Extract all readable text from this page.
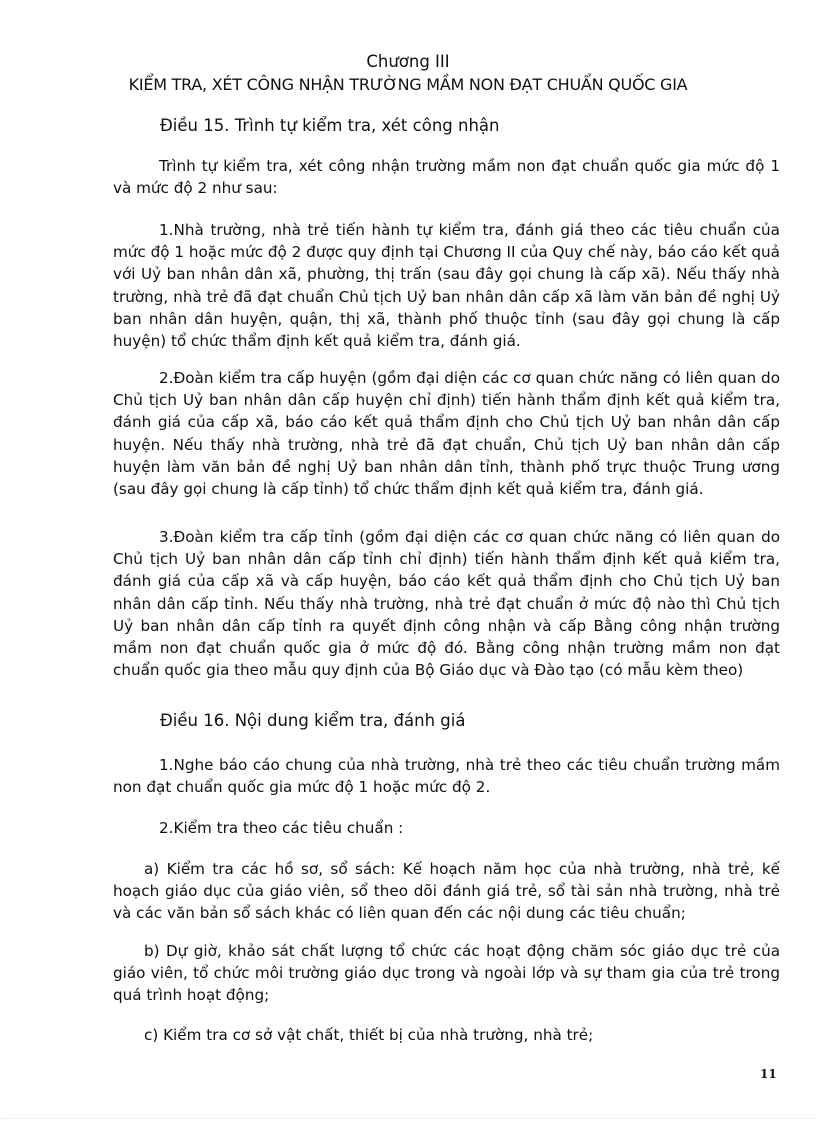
Chương III
KIỂM TRA, XÉT CÔNG NHẬN TRƯỜNG MẦM NON ĐẠT CHUẨN QUỐC GIA
Điều 15. Trình tự kiểm tra, xét công nhận

Trình tự kiểm tra, xét công nhận trường mầm non đạt chuẩn quốc gia mức độ 1 và mức độ 2 như sau:

1.Nhà trường, nhà trẻ tiến hành tự kiểm tra, đánh giá theo các tiêu chuẩn của mức độ 1 hoặc mức độ 2 được quy định tại Chương II của Quy chế này, báo cáo kết quả với Uỷ ban nhân dân xã, phường, thị trấn (sau đây gọi chung là cấp xã). Nếu thấy nhà trường, nhà trẻ đã đạt chuẩn Chủ tịch Uỷ ban nhân dân cấp xã làm văn bản đề nghị Uỷ ban nhân dân huyện, quận, thị xã, thành phố thuộc tỉnh (sau đây gọi chung là cấp huyện) tổ chức thẩm định kết quả kiểm tra, đánh giá.

2.Đoàn kiểm tra cấp huyện (gồm đại diện các cơ quan chức năng có liên quan do Chủ tịch Uỷ ban nhân dân cấp huyện chỉ định) tiến hành thẩm định kết quả kiểm tra, đánh giá của cấp xã, báo cáo kết quả thẩm định cho Chủ tịch Uỷ ban nhân dân cấp huyện. Nếu thấy nhà trường, nhà trẻ đã đạt chuẩn, Chủ tịch Uỷ ban nhân dân cấp huyện làm văn bản đề nghị Uỷ ban nhân dân tỉnh, thành phố trực thuộc Trung ương (sau đây gọi chung là cấp tỉnh) tổ chức thẩm định kết quả kiểm tra, đánh giá.

3.Đoàn kiểm tra cấp tỉnh (gồm đại diện các cơ quan chức năng có liên quan do Chủ tịch Uỷ ban nhân dân cấp tỉnh chỉ định) tiến hành thẩm định kết quả kiểm tra, đánh giá của cấp xã và cấp huyện, báo cáo kết quả thẩm định cho Chủ tịch Uỷ ban nhân dân cấp tỉnh. Nếu thấy nhà trường, nhà trẻ đạt chuẩn ở mức độ nào thì Chủ tịch Uỷ ban nhân dân cấp tỉnh ra quyết định công nhận và cấp Bằng công nhận trường mầm non đạt chuẩn quốc gia ở mức độ đó. Bằng công nhận trường mầm non đạt chuẩn quốc gia theo mẫu quy định của Bộ Giáo dục và Đào tạo (có mẫu kèm theo)

Điều 16. Nội dung kiểm tra, đánh giá

1.Nghe báo cáo chung của nhà trường, nhà trẻ theo các tiêu chuẩn trường mầm non đạt chuẩn quốc gia mức độ 1 hoặc mức độ 2.

2.Kiểm tra theo các tiêu chuẩn :

a) Kiểm tra các hồ sơ, sổ sách: Kế hoạch năm học của nhà trường, nhà trẻ, kế hoạch giáo dục của giáo viên, sổ theo dõi đánh giá trẻ, sổ tài sản nhà trường, nhà trẻ và các văn bản sổ sách khác có liên quan đến các nội dung các tiêu chuẩn;

b) Dự giờ, khảo sát chất lượng tổ chức các hoạt động chăm sóc giáo dục trẻ của giáo viên, tổ chức môi trường giáo dục trong và ngoài lớp và sự tham gia của trẻ trong quá trình hoạt động;

c) Kiểm tra cơ sở vật chất, thiết bị của nhà trường, nhà trẻ;

11
